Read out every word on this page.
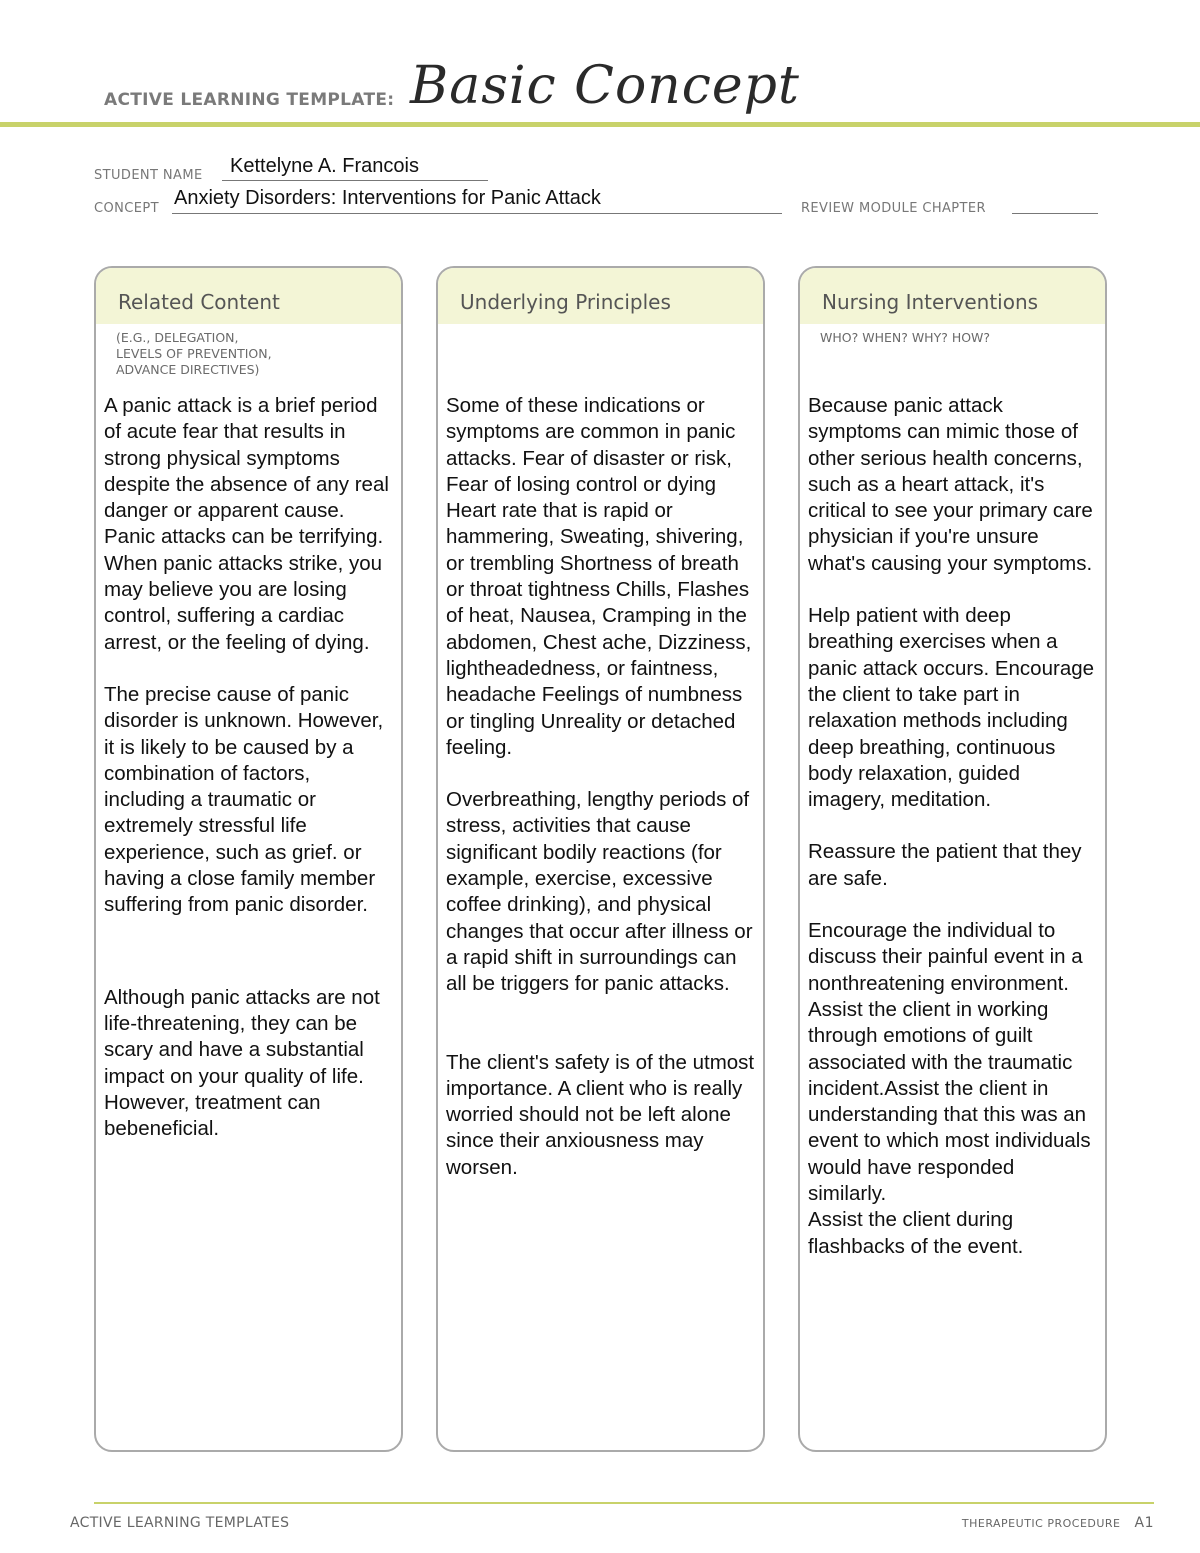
ACTIVE LEARNING TEMPLATE: Basic Concept
STUDENT NAME Kettelyne A. Francois
CONCEPT Anxiety Disorders: Interventions for Panic Attack	REVIEW MODULE CHAPTER
Related Content
(E.G., DELEGATION,
LEVELS OF PREVENTION,
ADVANCE DIRECTIVES)

A panic attack is a brief period of acute fear that results in strong physical symptoms despite the absence of any real danger or apparent cause. Panic attacks can be terrifying. When panic attacks strike, you may believe you are losing control, suffering a cardiac arrest, or the feeling of dying.

The precise cause of panic disorder is unknown. However, it is likely to be caused by a combination of factors, including a traumatic or extremely stressful life experience, such as grief. or having a close family member suffering from panic disorder.

Although panic attacks are not life-threatening, they can be scary and have a substantial impact on your quality of life. However, treatment can bebeneficial.

Underlying Principles

Some of these indications or symptoms are common in panic attacks. Fear of disaster or risk, Fear of losing control or dying Heart rate that is rapid or hammering, Sweating, shivering, or trembling Shortness of breath or throat tightness Chills, Flashes of heat, Nausea, Cramping in the abdomen, Chest ache, Dizziness, lightheadedness, or faintness, headache Feelings of numbness or tingling Unreality or detached feeling.

Overbreathing, lengthy periods of stress, activities that cause significant bodily reactions (for example, exercise, excessive coffee drinking), and physical changes that occur after illness or a rapid shift in surroundings can all be triggers for panic attacks.

The client's safety is of the utmost importance. A client who is really worried should not be left alone since their anxiousness may worsen.

Nursing Interventions
WHO? WHEN? WHY? HOW?

Because panic attack symptoms can mimic those of other serious health concerns, such as a heart attack, it's critical to see your primary care physician if you're unsure what's causing your symptoms.

Help patient with deep breathing exercises when a panic attack occurs. Encourage the client to take part in relaxation methods including deep breathing, continuous body relaxation, guided imagery, meditation.

Reassure the patient that they are safe.

Encourage the individual to discuss their painful event in a nonthreatening environment. Assist the client in working through emotions of guilt associated with the traumatic incident.Assist the client in understanding that this was an event to which most individuals would have responded similarly.

Assist the client during flashbacks of the event.

ACTIVE LEARNING TEMPLATES	THERAPEUTIC PROCEDURE A1
